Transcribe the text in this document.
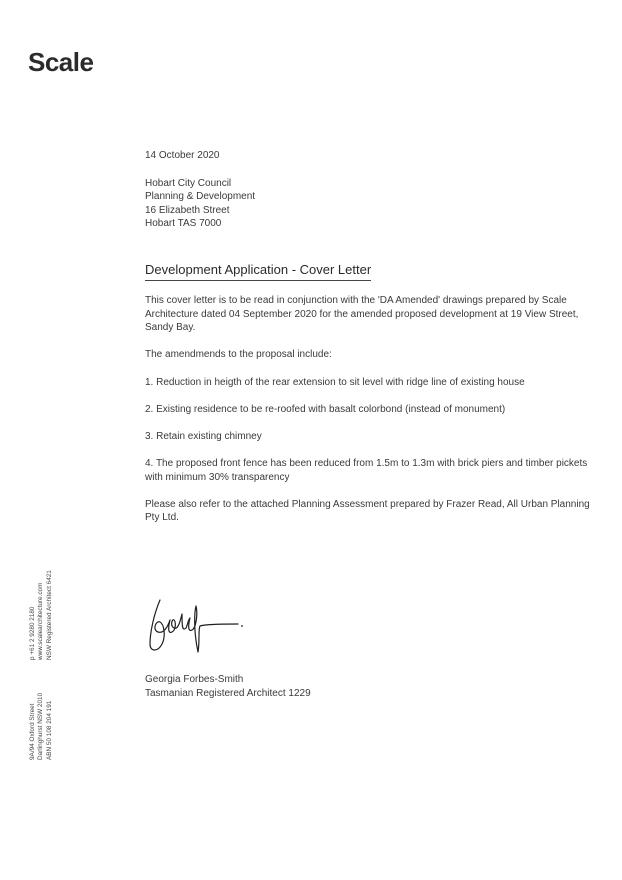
Scale
14 October 2020
Hobart City Council
Planning & Development
16 Elizabeth Street
Hobart TAS 7000
Development Application - Cover Letter

This cover letter is to be read in conjunction with the 'DA Amended' drawings prepared by Scale Architecture dated 04 September 2020 for the amended proposed development at 19 View Street, Sandy Bay.

The amendmends to the proposal include:

1. Reduction in heigth of the rear extension to sit level with ridge line of existing house

2. Existing residence to be re-roofed with basalt colorbond (instead of monument)

3. Retain existing chimney

4. The proposed front fence has been reduced from 1.5m to 1.3m with brick piers and timber pickets with minimum 30% transparency

Please also refer to the attached Planning Assessment prepared by Frazer Read, All Urban Planning Pty Ltd.

Georgia Forbes-Smith
Tasmanian Registered Architect 1229
p +61 2 9280 2180 www.scalearchitecture.com NSW Registered Architect 6421
9A/94 Oxford Street Darlinghurst NSW 2010 ABN 50 108 204 191
